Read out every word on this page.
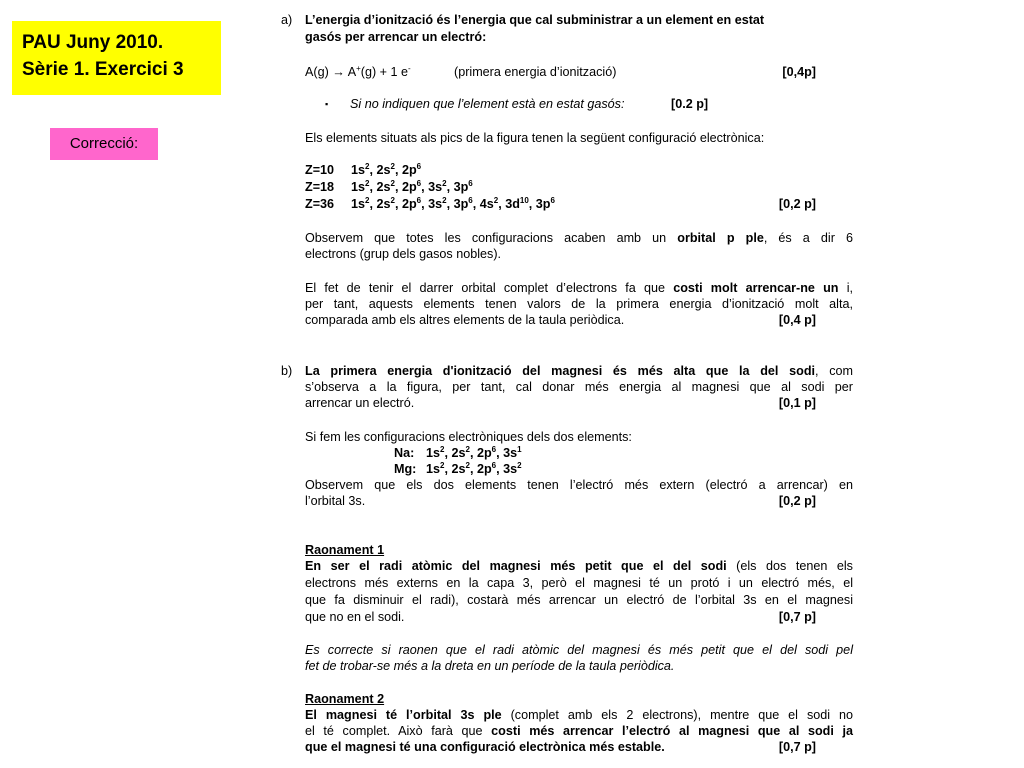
PAU Juny 2010.
Sèrie 1. Exercici 3
Correcció:
a) L’energia d’ionització és l’energia que cal subministrar a un element en estat
gasós per arrencar un electró:
A(g) → A+(g) + 1 e-	(primera energia d’ionització)	[0,4p]
▪ Si no indiquen que l’element està en estat gasós:	[0.2 p]
Els elements situats als pics de la figura tenen la següent configuració electrònica:
Z=10 $1s^2$, $2s^2$, $2p^6$
Z=18 $1s^2$, $2s^2$, $2p^6$, $3s^2$, $3p^6$
Z=36 $1s^2$, $2s^2$, $2p^6$, $3s^2$, $3p^6$, $4s^2$, $3d^{10}$, $3p^6$	[0,2 p]
Observem que totes les configuracions acaben amb un orbital p ple, és a dir 6
electrons (grup dels gasos nobles).
El fet de tenir el darrer orbital complet d’electrons fa que costi molt arrencar-ne un i,
per tant, aquests elements tenen valors de la primera energia d’ionització molt alta,
comparada amb els altres elements de la taula periòdica.	[0,4 p]
b) La primera energia d'ionització del magnesi és més alta que la del sodi, com
s’observa a la figura, per tant, cal donar més energia al magnesi que al sodi per
arrencar un electró.	[0,1 p]
Si fem les configuracions electròniques dels dos elements:
Na: $1s^2$, $2s^2$, $2p^6$, $3s^1$
Mg: $1s^2$, $2s^2$, $2p^6$, $3s^2$
Observem que els dos elements tenen l’electró més extern (electró a arrencar) en
l’orbital 3s.	[0,2 p]
Raonament 1
En ser el radi atòmic del magnesi més petit que el del sodi (els dos tenen els
electrons més externs en la capa 3, però el magnesi té un protó i un electró més, el
que fa disminuir el radi), costarà més arrencar un electró de l’orbital 3s en el magnesi
que no en el sodi.	[0,7 p]
Es correcte si raonen que el radi atòmic del magnesi és més petit que el del sodi pel
fet de trobar-se més a la dreta en un període de la taula periòdica.
Raonament 2
El magnesi té l’orbital 3s ple (complet amb els 2 electrons), mentre que el sodi no
el té complet. Això farà que costi més arrencar l’electró al magnesi que al sodi ja
que el magnesi té una configuració electrònica més estable.	[0,7 p]
